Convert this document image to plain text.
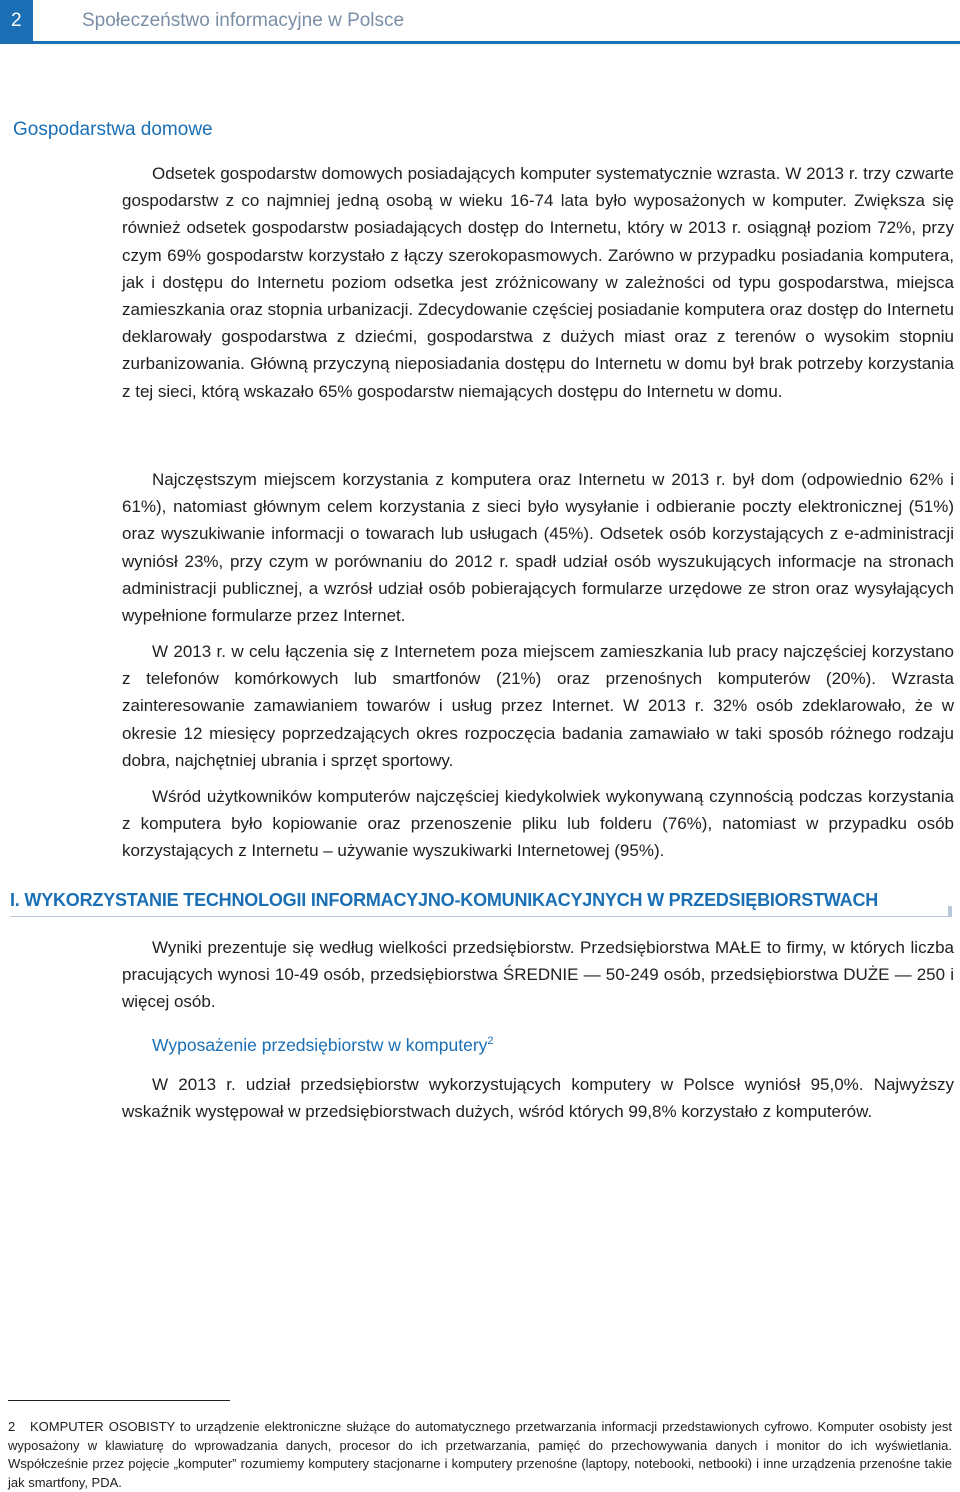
2	Społeczeństwo informacyjne w Polsce
Gospodarstwa domowe

Odsetek gospodarstw domowych posiadających komputer systematycznie wzrasta. W 2013 r. trzy czwarte gospodarstw z co najmniej jedną osobą w wieku 16-74 lata było wyposażonych w komputer. Zwiększa się również odsetek gospodarstw posiadających dostęp do Internetu, który w 2013 r. osiągnął poziom 72%, przy czym 69% gospodarstw korzystało z łączy szerokopasmowych. Zarówno w przypadku posiadania komputera, jak i dostępu do Internetu poziom odsetka jest zróżnicowany w zależności od typu gospodarstwa, miejsca zamieszkania oraz stopnia urbanizacji. Zdecydowanie częściej posiadanie komputera oraz dostęp do Internetu deklarowały gospodarstwa z dziećmi, gospodarstwa z dużych miast oraz z terenów o wysokim stopniu zurbanizowania. Główną przyczyną nieposiadania dostępu do Internetu w domu był brak potrzeby korzystania z tej sieci, którą wskazało 65% gospodarstw niemających dostępu do Internetu w domu.

Najczęstszym miejscem korzystania z komputera oraz Internetu w 2013 r. był dom (odpowiednio 62% i 61%), natomiast głównym celem korzystania z sieci było wysyłanie i odbieranie poczty elektronicznej (51%) oraz wyszukiwanie informacji o towarach lub usługach (45%). Odsetek osób korzystających z e-administracji wyniósł 23%, przy czym w porównaniu do 2012 r. spadł udział osób wyszukujących informacje na stronach administracji publicznej, a wzrósł udział osób pobierających formularze urzędowe ze stron oraz wysyłających wypełnione formularze przez Internet.

W 2013 r. w celu łączenia się z Internetem poza miejscem zamieszkania lub pracy najczęściej korzystano z telefonów komórkowych lub smartfonów (21%) oraz przenośnych komputerów (20%). Wzrasta zainteresowanie zamawianiem towarów i usług przez Internet. W 2013 r. 32% osób zdeklarowało, że w okresie 12 miesięcy poprzedzających okres rozpoczęcia badania zamawiało w taki sposób różnego rodzaju dobra, najchętniej ubrania i sprzęt sportowy.

Wśród użytkowników komputerów najczęściej kiedykolwiek wykonywaną czynnością podczas korzystania z komputera było kopiowanie oraz przenoszenie pliku lub folderu (76%), natomiast w przypadku osób korzystających z Internetu – używanie wyszukiwarki Internetowej (95%).

I. WYKORZYSTANIE TECHNOLOGII INFORMACYJNO-KOMUNIKACYJNYCH W PRZEDSIĘBIORSTWACH

Wyniki prezentuje się według wielkości przedsiębiorstw. Przedsiębiorstwa MAŁE to firmy, w których liczba pracujących wynosi 10-49 osób, przedsiębiorstwa ŚREDNIE — 50-249 osób, przedsiębiorstwa DUŻE — 250 i więcej osób.

Wyposażenie przedsiębiorstw w komputery$^2$

W 2013 r. udział przedsiębiorstw wykorzystujących komputery w Polsce wyniósł 95,0%. Najwyższy wskaźnik występował w przedsiębiorstwach dużych, wśród których 99,8% korzystało z komputerów.

2 KOMPUTER OSOBISTY to urządzenie elektroniczne służące do automatycznego przetwarzania informacji przedstawionych cyfrowo. Komputer osobisty jest wyposażony w klawiaturę do wprowadzania danych, procesor do ich przetwarzania, pamięć do przechowywania danych i monitor do ich wyświetlania. Współcześnie przez pojęcie „komputer” rozumiemy komputery stacjonarne i komputery przenośne (laptopy, notebooki, netbooki) i inne urządzenia przenośne takie jak smartfony, PDA.
